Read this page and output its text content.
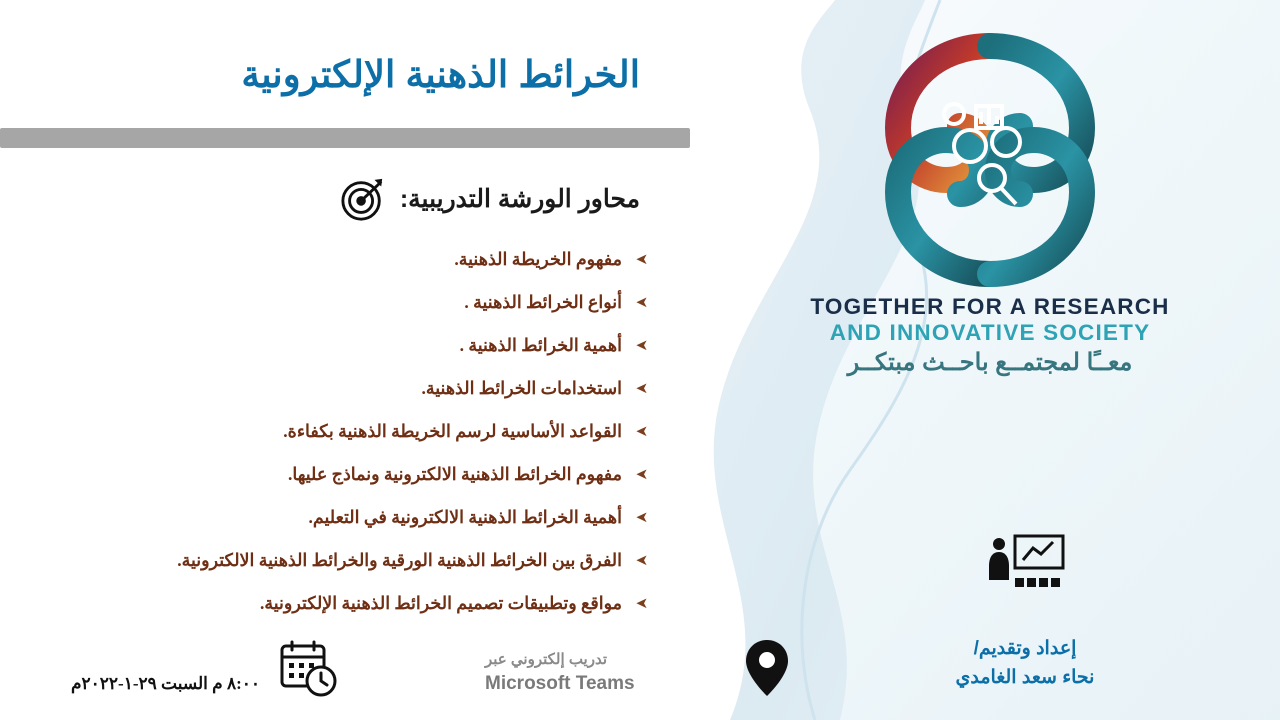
الخرائط الذهنية الإلكترونية
محاور الورشة التدريبية:
➤
مفهوم الخريطة الذهنية.
➤
أنواع الخرائط الذهنية .
➤
أهمية الخرائط الذهنية .
➤
استخدامات الخرائط الذهنية.
➤
القواعد الأساسية لرسم الخريطة الذهنية بكفاءة.
➤
مفهوم الخرائط الذهنية الالكترونية ونماذج عليها.
➤
أهمية الخرائط الذهنية الالكترونية في التعليم.
➤
الفرق بين الخرائط الذهنية الورقية والخرائط الذهنية الالكترونية.
➤
مواقع وتطبيقات تصميم الخرائط الذهنية الإلكترونية.
٨:٠٠ م السبت ٢٩-١-٢٠٢٢م
تدريب إلكتروني عبر
Microsoft Teams
TOGETHER FOR A RESEARCH
AND INNOVATIVE SOCIETY
معــًا لمجتمــع باحــث مبتكــر
إعداد وتقديم/
نحاء سعد الغامدي
